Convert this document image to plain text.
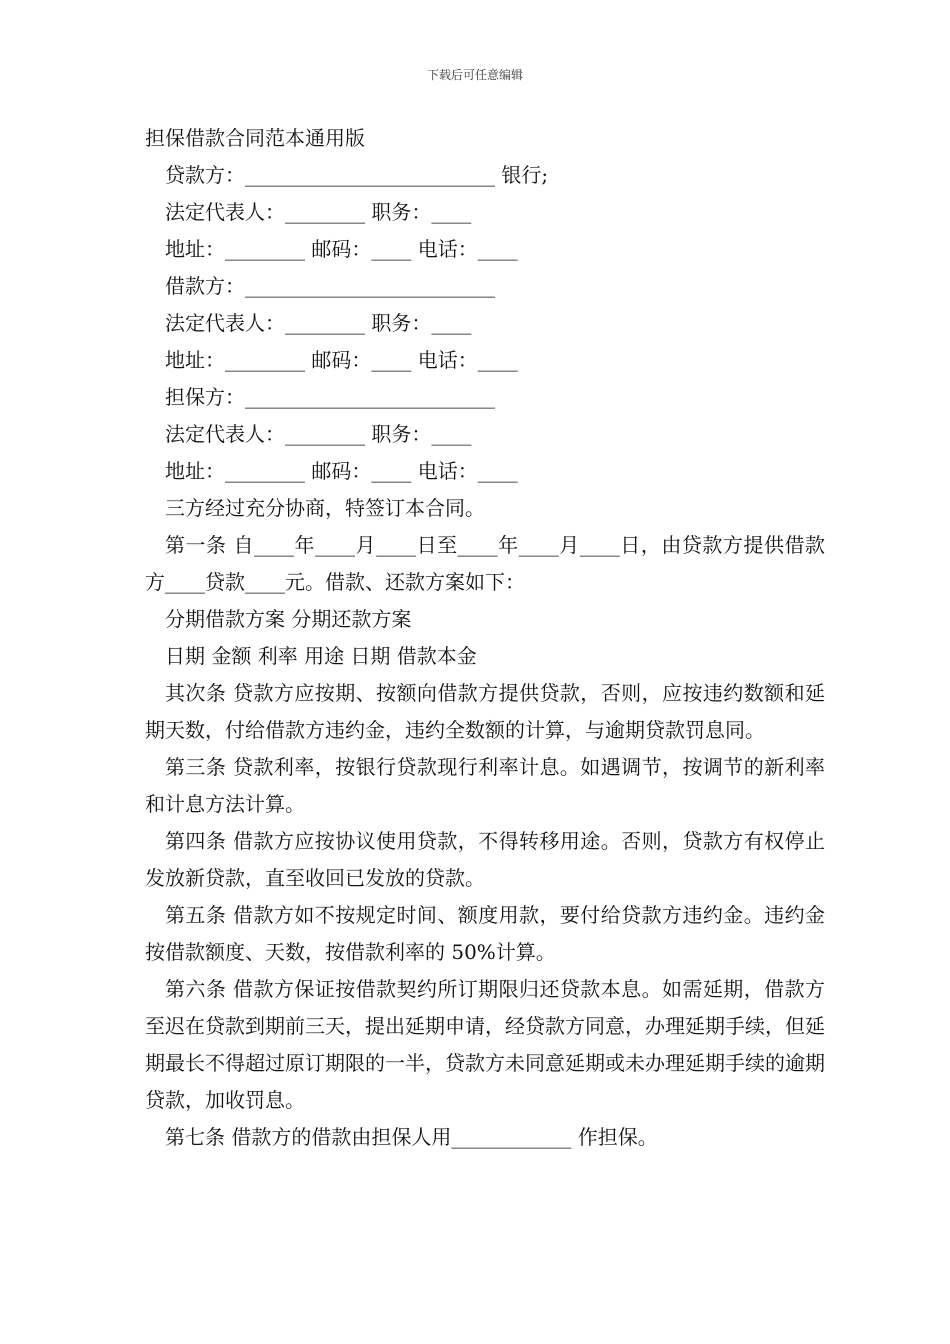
下载后可任意编辑
担保借款合同范本通用版
贷款方：_________________________ 银行;
法定代表人：________ 职务：____
地址：________ 邮码：____ 电话：____
借款方：_________________________
法定代表人：________ 职务：____
地址：________ 邮码：____ 电话：____
担保方：_________________________
法定代表人：________ 职务：____
地址：________ 邮码：____ 电话：____
三方经过充分协商，特签订本合同。
第一条 自____年____月____日至____年____月____日，由贷款方提供借款方____贷款____元。借款、还款方案如下：
分期借款方案 分期还款方案
日期 金额 利率 用途 日期 借款本金
其次条 贷款方应按期、按额向借款方提供贷款，否则，应按违约数额和延期天数，付给借款方违约金，违约全数额的计算，与逾期贷款罚息同。
第三条 贷款利率，按银行贷款现行利率计息。如遇调节，按调节的新利率和计息方法计算。
第四条 借款方应按协议使用贷款，不得转移用途。否则，贷款方有权停止发放新贷款，直至收回已发放的贷款。
第五条 借款方如不按规定时间、额度用款，要付给贷款方违约金。违约金按借款额度、天数，按借款利率的 50%计算。
第六条 借款方保证按借款契约所订期限归还贷款本息。如需延期，借款方至迟在贷款到期前三天，提出延期申请，经贷款方同意，办理延期手续，但延期最长不得超过原订期限的一半，贷款方未同意延期或未办理延期手续的逾期贷款，加收罚息。
第七条 借款方的借款由担保人用____________ 作担保。
